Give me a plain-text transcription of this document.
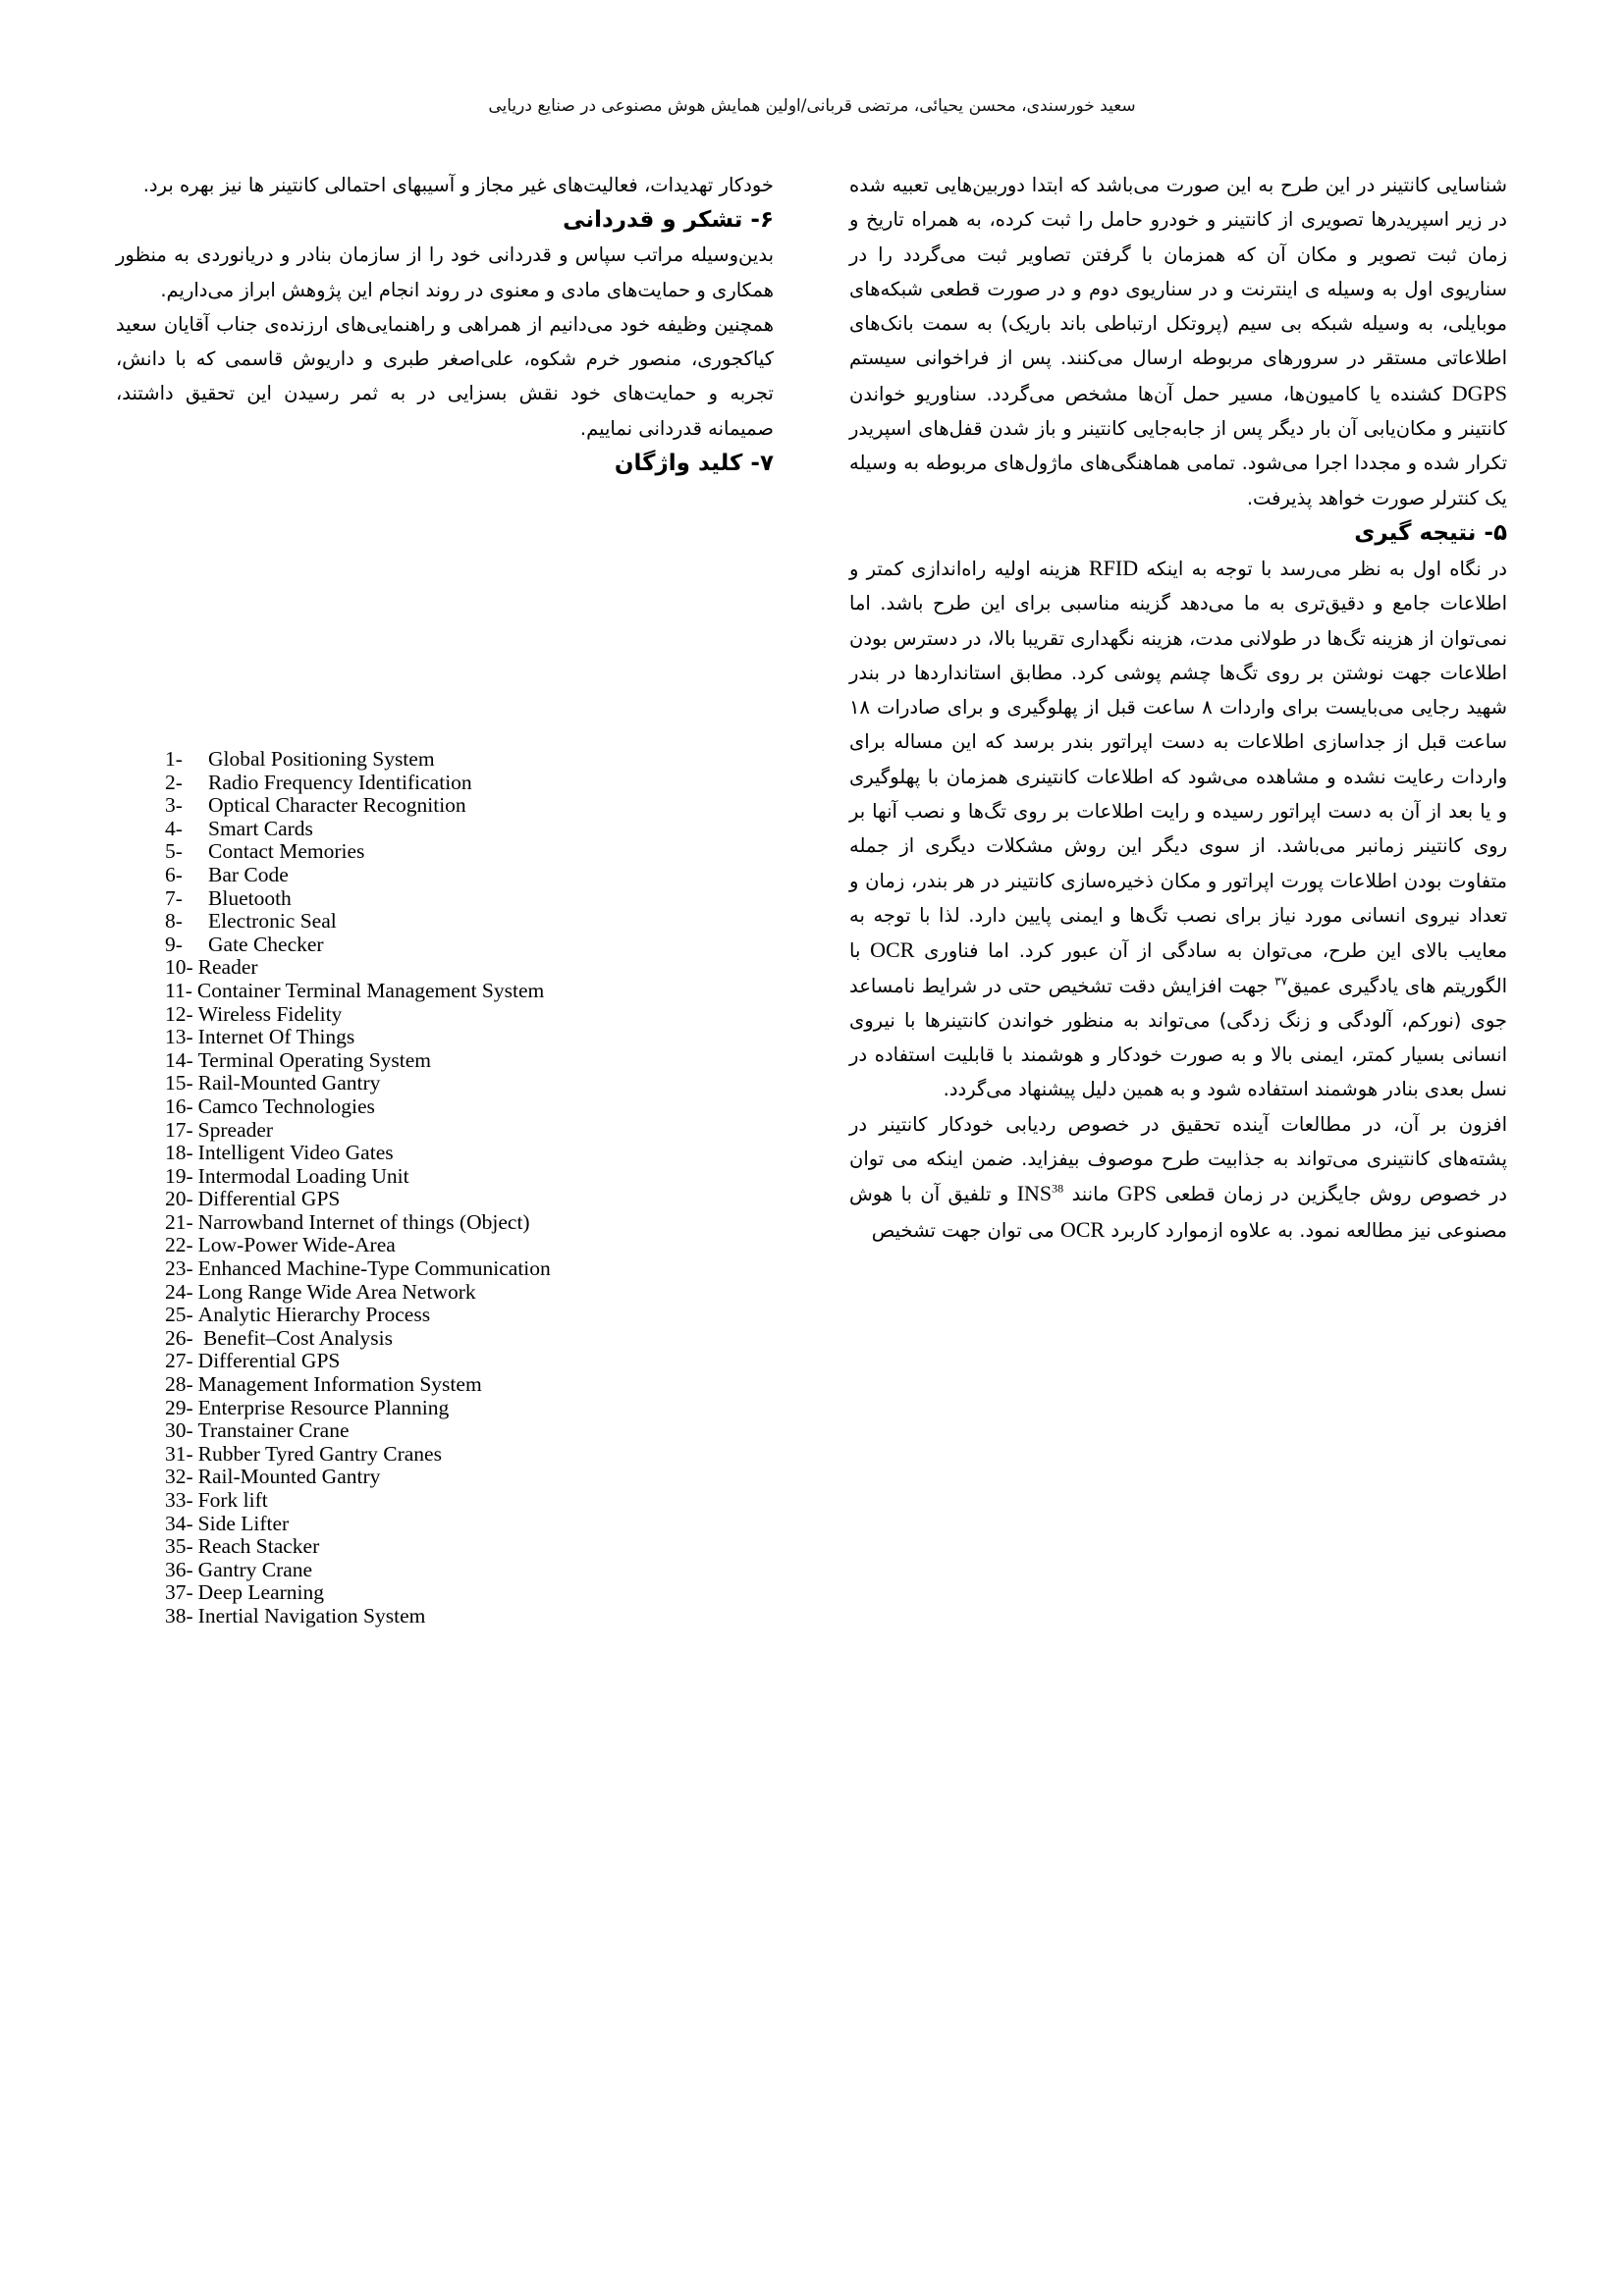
سعید خورسندی، محسن یحیائی، مرتضی قربانی/اولین همایش هوش مصنوعی در صنایع دریایی

شناسایی کانتینر در این طرح به این صورت می‌باشد که ابتدا دوربین‌هایی تعبیه شده در زیر اسپریدرها تصویری از کانتینر و خودرو حامل را ثبت کرده، به همراه تاریخ و زمان ثبت تصویر و مکان آن که همزمان با گرفتن تصاویر ثبت می‌گردد را در سناریوی اول به وسیله ی اینترنت و در سناریوی دوم و در صورت قطعی شبکه‌های موبایلی، به وسیله شبکه بی سیم (پروتکل ارتباطی باند باریک) به سمت بانک‌های اطلاعاتی مستقر در سرورهای مربوطه ارسال می‌کنند. پس از فراخوانی سیستم DGPS کشنده یا کامیون‌ها، مسیر حمل آن‌ها مشخص می‌گردد. سناوریو خواندن کانتینر و مکان‌یابی آن بار دیگر پس از جابه‌جایی کانتینر و باز شدن قفل‌های اسپریدر تکرار شده و مجددا اجرا می‌شود. تمامی هماهنگی‌های ماژول‌های مربوطه به وسیله یک کنترلر صورت خواهد پذیرفت.

۵- نتیجه گیری

در نگاه اول به نظر می‌رسد با توجه به اینکه RFID هزینه اولیه راه‌اندازی کمتر و اطلاعات جامع و دقیق‌تری به ما می‌دهد گزینه مناسبی برای این طرح باشد. اما نمی‌توان از هزینه تگ‌ها در طولانی مدت، هزینه نگهداری تقریبا بالا، در دسترس بودن اطلاعات جهت نوشتن بر روی تگ‌ها چشم پوشی کرد. مطابق استانداردها در بندر شهید رجایی می‌بایست برای واردات ۸ ساعت قبل از پهلوگیری و برای صادرات ۱۸ ساعت قبل از جداسازی اطلاعات به دست اپراتور بندر برسد که این مساله برای واردات رعایت نشده و مشاهده می‌شود که اطلاعات کانتینری همزمان با پهلوگیری و یا بعد از آن به دست اپراتور رسیده و رایت اطلاعات بر روی تگ‌ها و نصب آنها بر روی کانتینر زمانبر می‌باشد. از سوی دیگر این روش مشکلات دیگری از جمله متفاوت بودن اطلاعات پورت اپراتور و مکان ذخیره‌سازی کانتینر در هر بندر، زمان و تعداد نیروی انسانی مورد نیاز برای نصب تگ‌ها و ایمنی پایین دارد. لذا با توجه به معایب بالای این طرح، می‌توان به سادگی از آن عبور کرد. اما فناوری OCR با الگوریتم های یادگیری عمیق$^{۳۷}$ جهت افزایش دقت تشخیص حتی در شرایط نامساعد جوی (نورکم، آلودگی و زنگ زدگی) می‌تواند به منظور خواندن کانتینرها با نیروی انسانی بسیار کمتر، ایمنی بالا و به صورت خودکار و هوشمند با قابلیت استفاده در نسل بعدی بنادر هوشمند استفاده شود و به همین دلیل پیشنهاد می‌گردد.

افزون بر آن، در مطالعات آینده تحقیق در خصوص ردیابی خودکار کانتینر در پشته‌های کانتینری می‌تواند به جذابیت طرح موصوف بیفزاید. ضمن اینکه می توان در خصوص روش جایگزین در زمان قطعی GPS مانند INS$^{38}$ و تلفیق آن با هوش مصنوعی نیز مطالعه نمود. به علاوه ازموارد کاربرد OCR می توان جهت تشخیص

خودکار تهدیدات، فعالیت‌های غیر مجاز و آسیبهای احتمالی کانتینر ها نیز بهره برد.

۶- تشکر و قدردانی

بدین‌وسیله مراتب سپاس و قدردانی خود را از سازمان بنادر و دریانوردی به منظور همکاری و حمایت‌های مادی و معنوی در روند انجام این پژوهش ابراز می‌داریم.

همچنین وظیفه خود می‌دانیم از همراهی و راهنمایی‌های ارزنده‌ی جناب آقایان سعید کیاکجوری، منصور خرم شکوه، علی‌اصغر طبری و داریوش قاسمی که با دانش، تجربه و حمایت‌های خود نقش بسزایی در به ثمر رسیدن این تحقیق داشتند، صمیمانه قدردانی نماییم.

۷- کلید واژگان
1-	Global Positioning System
2-	Radio Frequency Identification
3-	Optical Character Recognition
4-	Smart Cards
5-	Contact Memories
6-	Bar Code
7-	Bluetooth
8-	Electronic Seal
9-	Gate Checker
10- Reader
11- Container Terminal Management System
12- Wireless Fidelity
13- Internet Of Things
14- Terminal Operating System
15- Rail-Mounted Gantry
16- Camco Technologies
17- Spreader
18- Intelligent Video Gates
19- Intermodal Loading Unit
20- Differential GPS
21- Narrowband Internet of things (Object)
22- Low-Power Wide-Area
23- Enhanced Machine-Type Communication
24- Long Range Wide Area Network
25- Analytic Hierarchy Process
26- Benefit–Cost Analysis
27- Differential GPS
28- Management Information System
29- Enterprise Resource Planning
30- Transtainer Crane
31- Rubber Tyred Gantry Cranes
32- Rail-Mounted Gantry
33- Fork lift
34- Side Lifter
35- Reach Stacker
36- Gantry Crane
37- Deep Learning
38- Inertial Navigation System
